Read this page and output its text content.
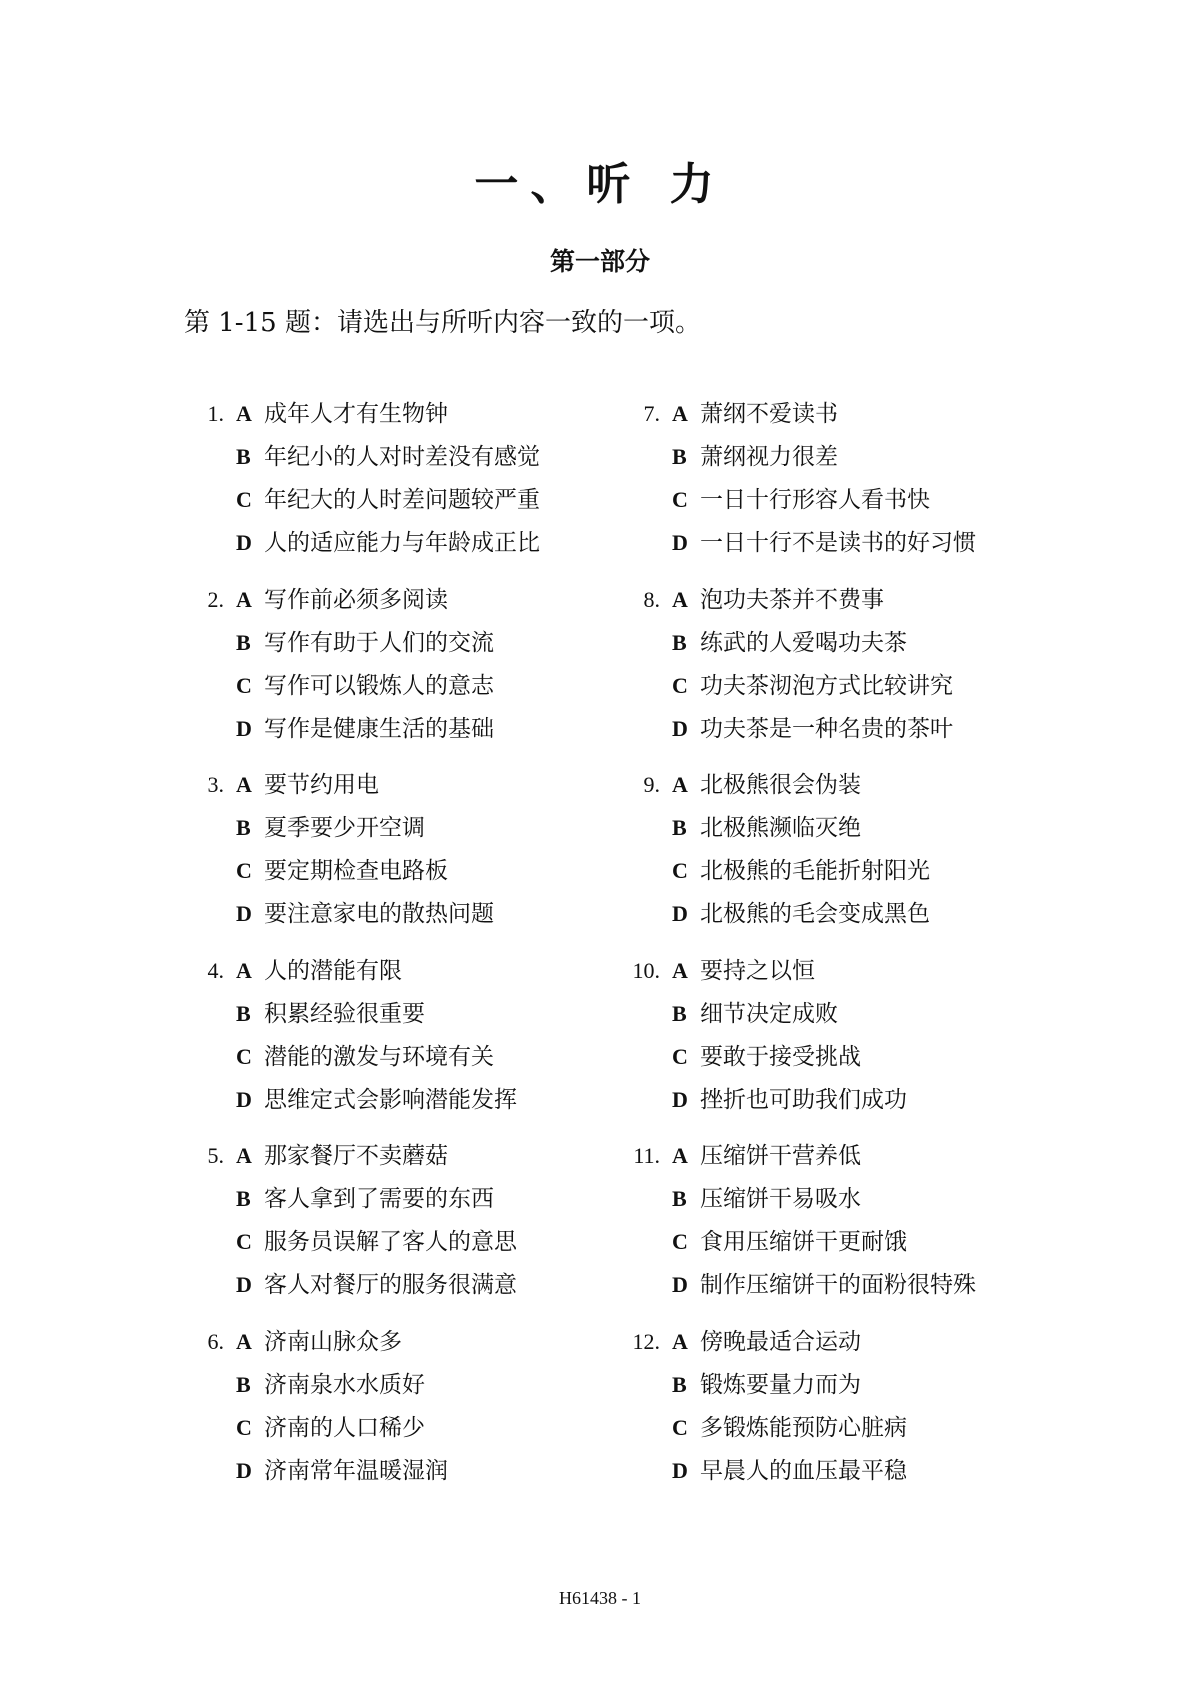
一、听 力
第一部分

第 1-15 题：请选出与所听内容一致的一项。

1. A 成年人才有生物钟
B 年纪小的人对时差没有感觉
C 年纪大的人时差问题较严重
D 人的适应能力与年龄成正比
2. A 写作前必须多阅读
B 写作有助于人们的交流
C 写作可以锻炼人的意志
D 写作是健康生活的基础
3. A 要节约用电
B 夏季要少开空调
C 要定期检查电路板
D 要注意家电的散热问题
4. A 人的潜能有限
B 积累经验很重要
C 潜能的激发与环境有关
D 思维定式会影响潜能发挥
5. A 那家餐厅不卖蘑菇
B 客人拿到了需要的东西
C 服务员误解了客人的意思
D 客人对餐厅的服务很满意
6. A 济南山脉众多
B 济南泉水水质好
C 济南的人口稀少
D 济南常年温暖湿润
7. A 萧纲不爱读书
B 萧纲视力很差
C 一日十行形容人看书快
D 一日十行不是读书的好习惯
8. A 泡功夫茶并不费事
B 练武的人爱喝功夫茶
C 功夫茶沏泡方式比较讲究
D 功夫茶是一种名贵的茶叶
9. A 北极熊很会伪装
B 北极熊濒临灭绝
C 北极熊的毛能折射阳光
D 北极熊的毛会变成黑色
10. A 要持之以恒
B 细节决定成败
C 要敢于接受挑战
D 挫折也可助我们成功
11. A 压缩饼干营养低
B 压缩饼干易吸水
C 食用压缩饼干更耐饿
D 制作压缩饼干的面粉很特殊
12. A 傍晚最适合运动
B 锻炼要量力而为
C 多锻炼能预防心脏病
D 早晨人的血压最平稳

H61438 - 1
